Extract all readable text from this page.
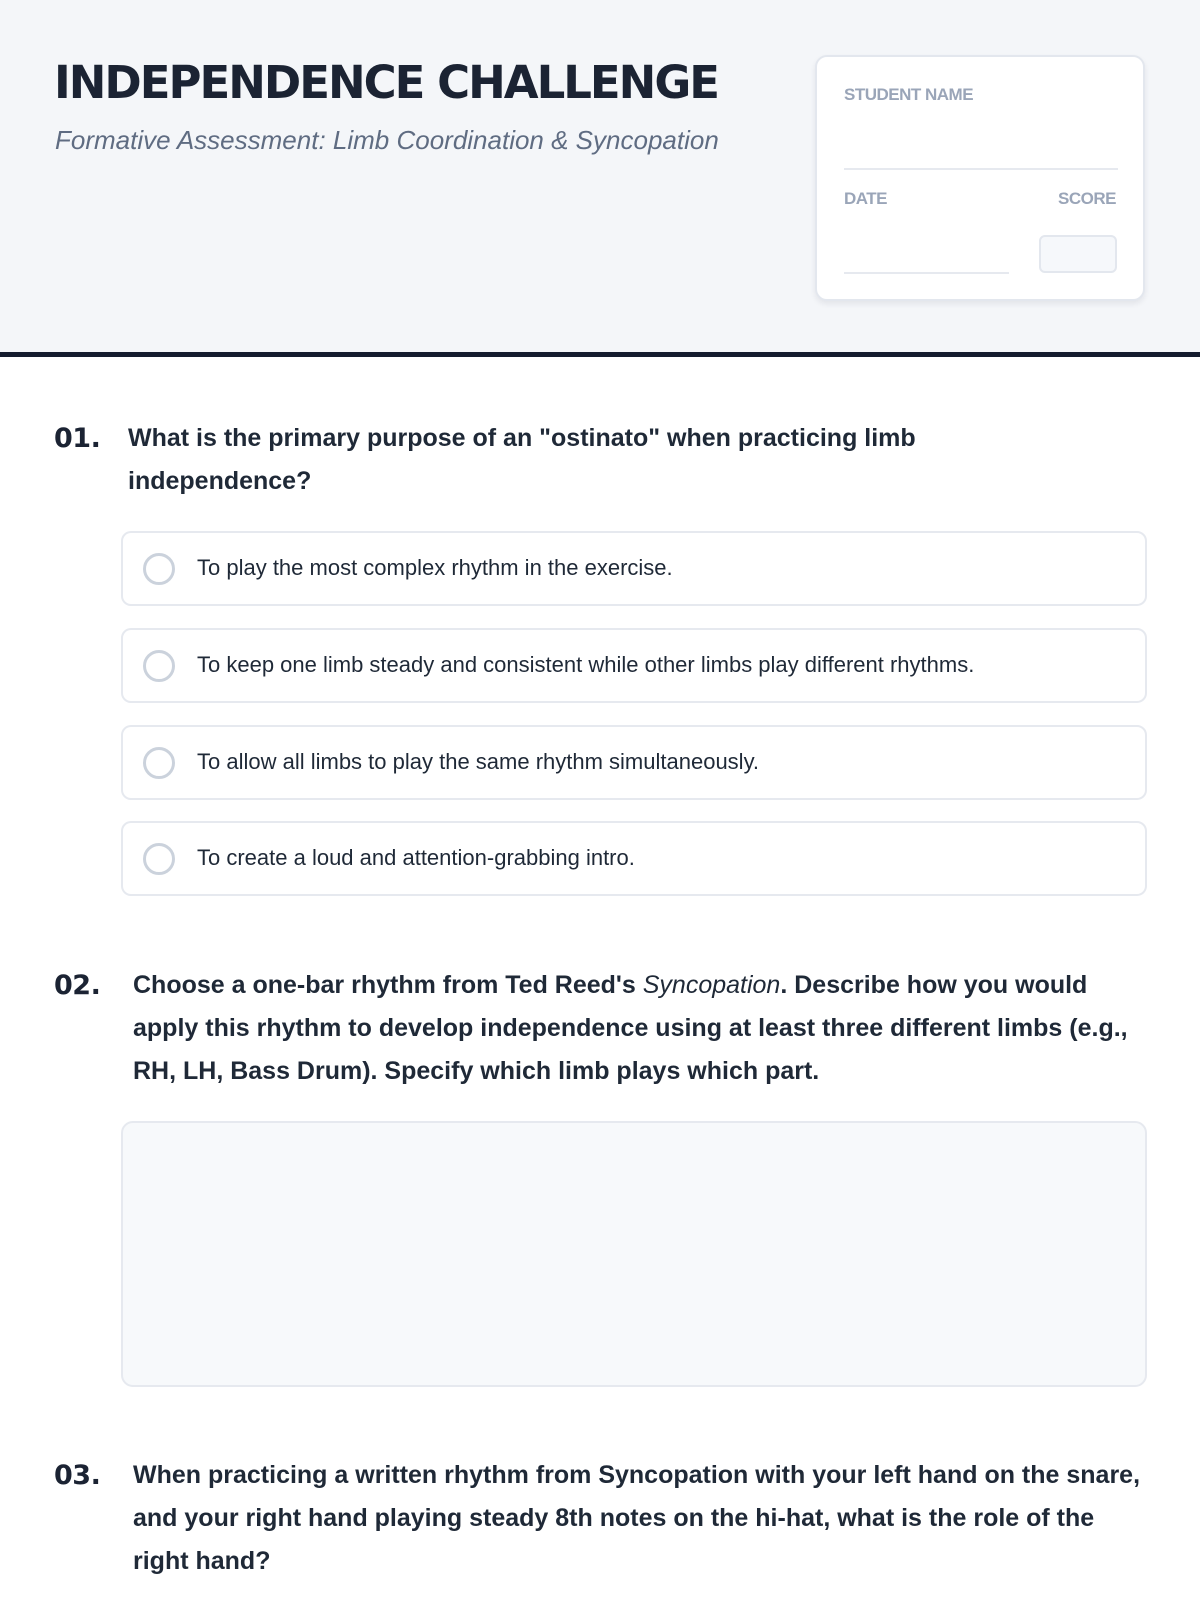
INDEPENDENCE CHALLENGE
Formative Assessment: Limb Coordination & Syncopation
STUDENT NAME
DATE	SCORE
01. What is the primary purpose of an "ostinato" when practicing limb independence?
To play the most complex rhythm in the exercise.
To keep one limb steady and consistent while other limbs play different rhythms.
To allow all limbs to play the same rhythm simultaneously.
To create a loud and attention-grabbing intro.
02. Choose a one-bar rhythm from Ted Reed's Syncopation. Describe how you would apply this rhythm to develop independence using at least three different limbs (e.g., RH, LH, Bass Drum). Specify which limb plays which part.
03. When practicing a written rhythm from Syncopation with your left hand on the snare, and your right hand playing steady 8th notes on the hi-hat, what is the role of the right hand?
